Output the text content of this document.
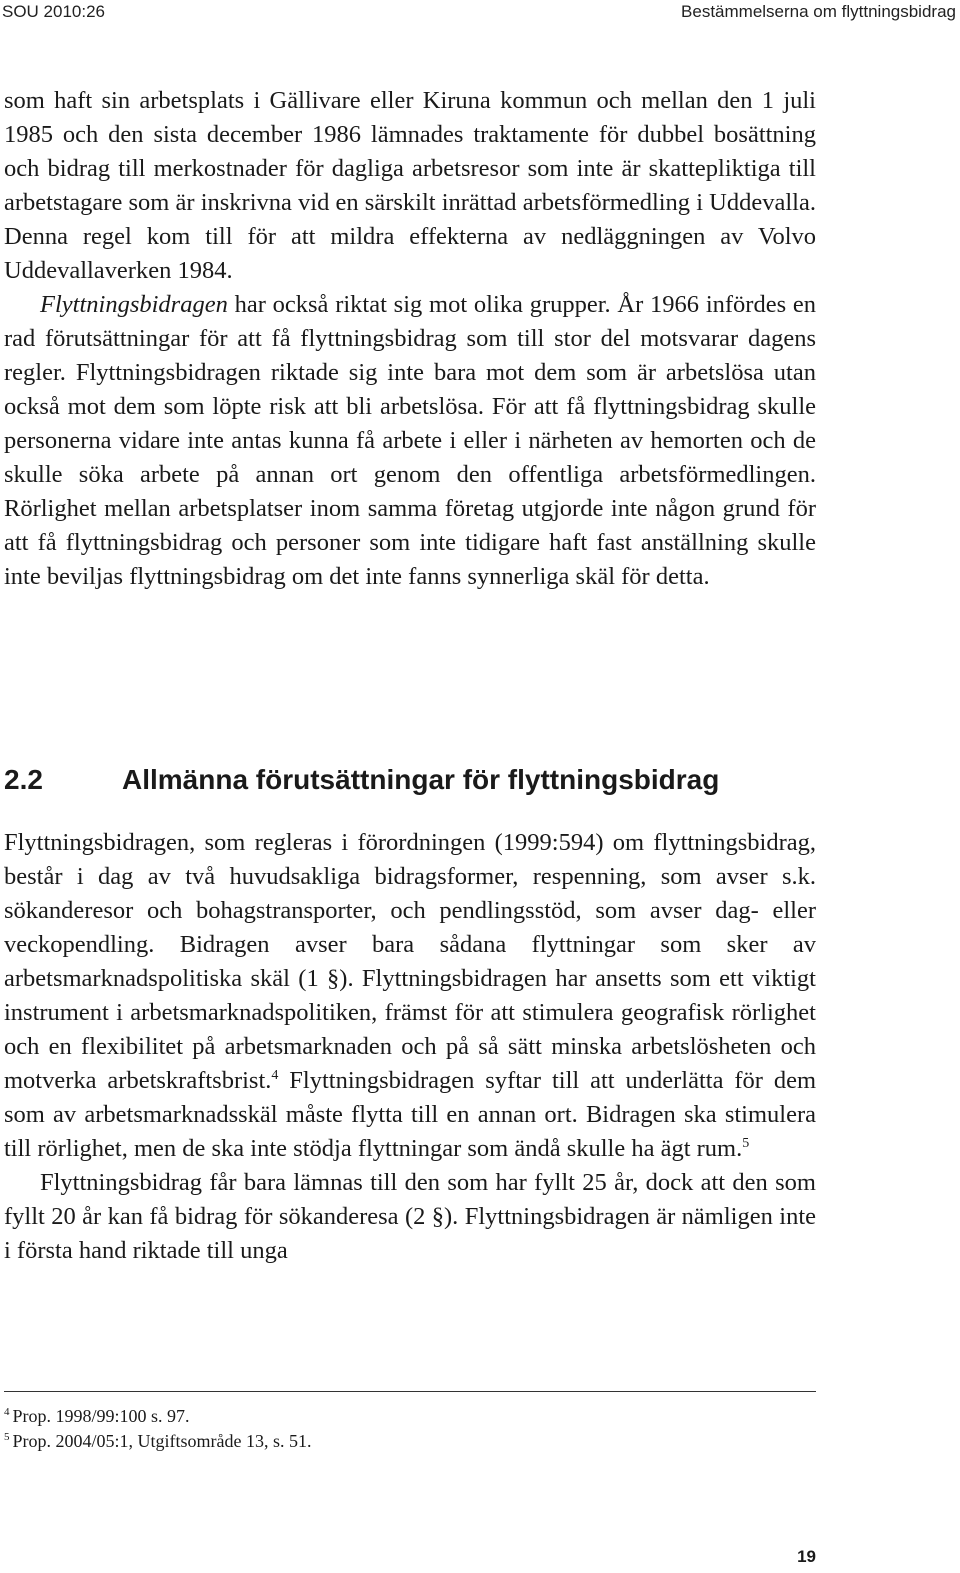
SOU 2010:26	Bestämmelserna om flyttningsbidrag

som haft sin arbetsplats i Gällivare eller Kiruna kommun och mellan den 1 juli 1985 och den sista december 1986 lämnades traktamente för dubbel bosättning och bidrag till merkostnader för dagliga arbetsresor som inte är skattepliktiga till arbetstagare som är inskrivna vid en särskilt inrättad arbetsförmedling i Uddevalla. Denna regel kom till för att mildra effekterna av nedläggningen av Volvo Uddevallaverken 1984.

Flyttningsbidragen har också riktat sig mot olika grupper. År 1966 infördes en rad förutsättningar för att få flyttningsbidrag som till stor del motsvarar dagens regler. Flyttningsbidragen riktade sig inte bara mot dem som är arbetslösa utan också mot dem som löpte risk att bli arbetslösa. För att få flyttningsbidrag skulle personerna vidare inte antas kunna få arbete i eller i närheten av hemorten och de skulle söka arbete på annan ort genom den offentliga arbetsförmedlingen. Rörlighet mellan arbetsplatser inom samma företag utgjorde inte någon grund för att få flyttningsbidrag och personer som inte tidigare haft fast anställning skulle inte beviljas flyttningsbidrag om det inte fanns synnerliga skäl för detta.

2.2	Allmänna förutsättningar för flyttningsbidrag

Flyttningsbidragen, som regleras i förordningen (1999:594) om flyttningsbidrag, består i dag av två huvudsakliga bidragsformer, respenning, som avser s.k. sökanderesor och bohagstransporter, och pendlingsstöd, som avser dag- eller veckopendling. Bidragen avser bara sådana flyttningar som sker av arbetsmarknadspolitiska skäl (1 §). Flyttningsbidragen har ansetts som ett viktigt instrument i arbetsmarknadspolitiken, främst för att stimulera geografisk rörlighet och en flexibilitet på arbetsmarknaden och på så sätt minska arbetslösheten och motverka arbetskraftsbrist.$^4$ Flyttningsbidragen syftar till att underlätta för dem som av arbetsmarknadsskäl måste flytta till en annan ort. Bidragen ska stimulera till rörlighet, men de ska inte stödja flyttningar som ändå skulle ha ägt rum.$^5$

Flyttningsbidrag får bara lämnas till den som har fyllt 25 år, dock att den som fyllt 20 år kan få bidrag för sökanderesa (2 §). Flyttningsbidragen är nämligen inte i första hand riktade till unga

$^4$ Prop. 1998/99:100 s. 97.
$^5$ Prop. 2004/05:1, Utgiftsområde 13, s. 51.
19
